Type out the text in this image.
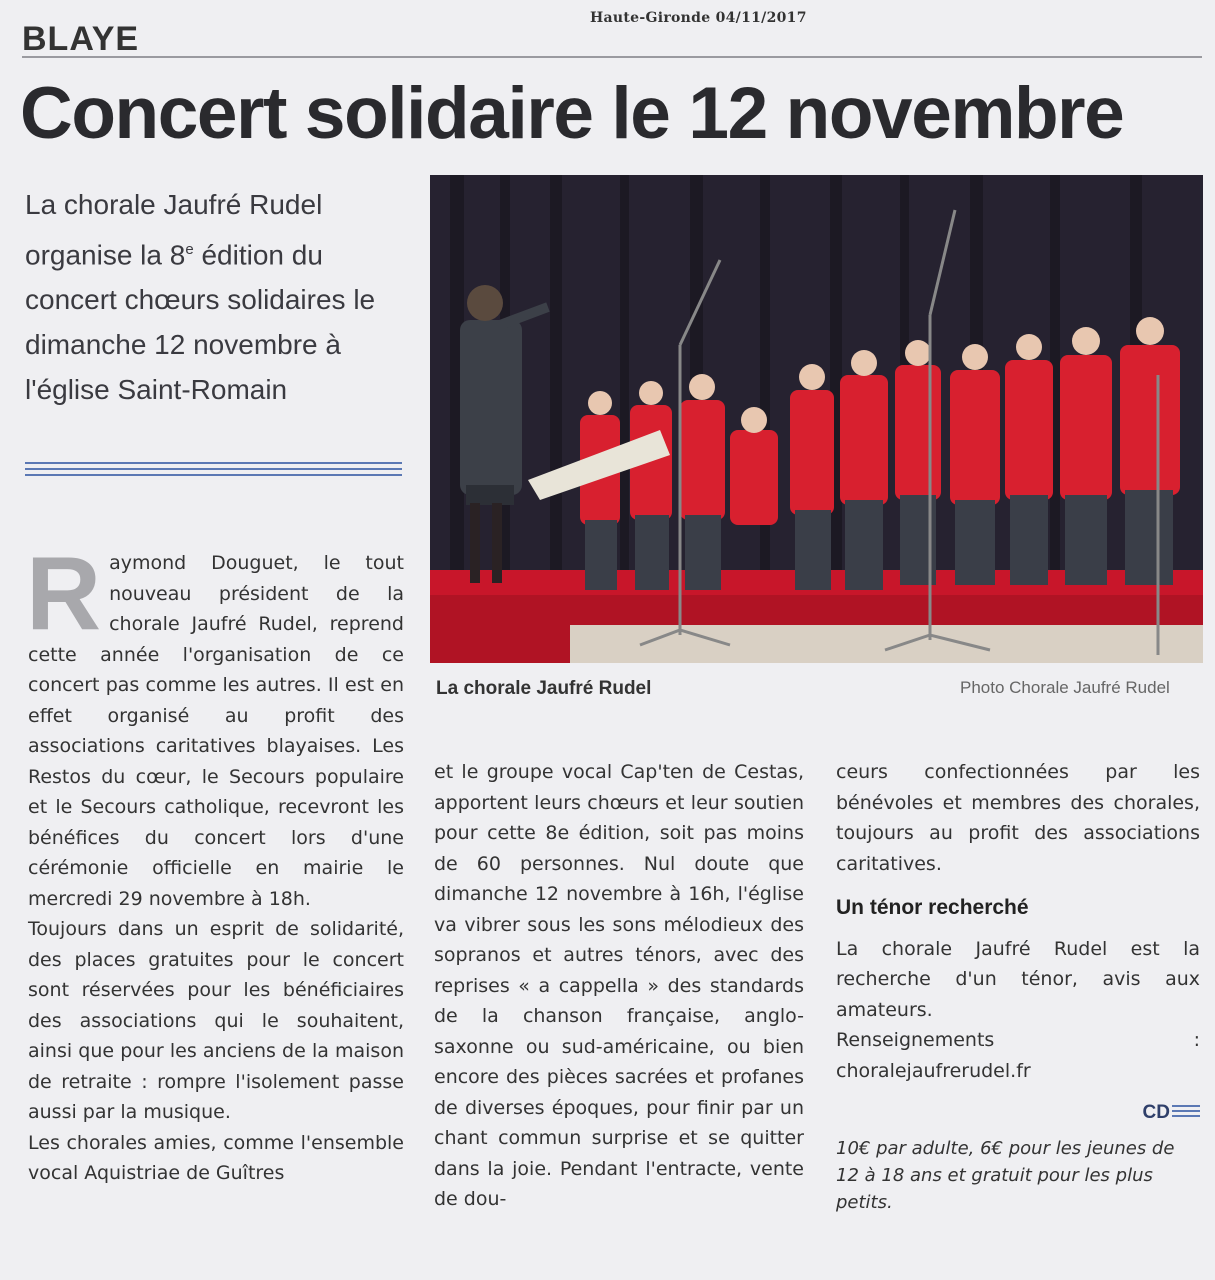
Haute-Gironde 04/11/2017
BLAYE
Concert solidaire le 12 novembre
La chorale Jaufré Rudel organise la 8e édition du concert chœurs solidaires le dimanche 12 novembre à l'église Saint-Romain
La chorale Jaufré Rudel	Photo Chorale Jaufré Rudel

Raymond Douguet, le tout nouveau président de la chorale Jaufré Rudel, reprend cette année l'organisation de ce concert pas comme les autres. Il est en effet organisé au profit des associations caritatives blayaises. Les Restos du cœur, le Secours populaire et le Secours catholique, recevront les bénéfices du concert lors d'une cérémonie officielle en mairie le mercredi 29 novembre à 18h.

Toujours dans un esprit de solidarité, des places gratuites pour le concert sont réservées pour les bénéficiaires des associations qui le souhaitent, ainsi que pour les anciens de la maison de retraite : rompre l'isolement passe aussi par la musique.

Les chorales amies, comme l'ensemble vocal Aquistriae de Guîtres

et le groupe vocal Cap'ten de Cestas, apportent leurs chœurs et leur soutien pour cette 8e édition, soit pas moins de 60 personnes. Nul doute que dimanche 12 novembre à 16h, l'église va vibrer sous les sons mélodieux des sopranos et autres ténors, avec des reprises « a cappella » des standards de la chanson française, anglo-saxonne ou sud-américaine, ou bien encore des pièces sacrées et profanes de diverses époques, pour finir par un chant commun surprise et se quitter dans la joie. Pendant l'entracte, vente de dou-

ceurs confectionnées par les bénévoles et membres des chorales, toujours au profit des associations caritatives.

Un ténor recherché

La chorale Jaufré Rudel est la recherche d'un ténor, avis aux amateurs.

Renseignements : choralejaufrerudel.fr

CD

10€ par adulte, 6€ pour les jeunes de 12 à 18 ans et gratuit pour les plus petits.
